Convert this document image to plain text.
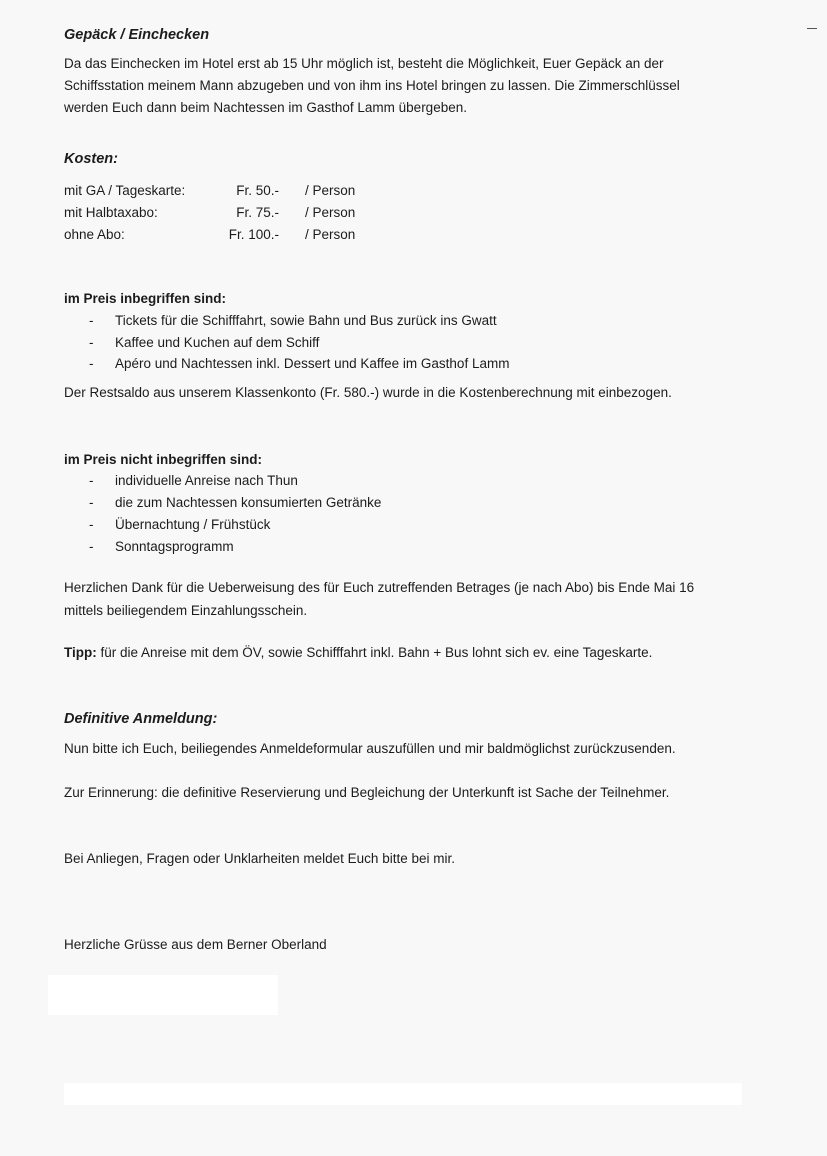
Gepäck / Einchecken
Da das Einchecken im Hotel erst ab 15 Uhr möglich ist, besteht die Möglichkeit, Euer Gepäck an der
Schiffsstation meinem Mann abzugeben und von ihm ins Hotel bringen zu lassen. Die Zimmerschlüssel
werden Euch dann beim Nachtessen im Gasthof Lamm übergeben.
Kosten:
mit GA / Tageskarte:	Fr. 50.- / Person
mit Halbtaxabo:	Fr. 75.- / Person
ohne Abo:	Fr. 100.- / Person
im Preis inbegriffen sind:
- Tickets für die Schifffahrt, sowie Bahn und Bus zurück ins Gwatt
- Kaffee und Kuchen auf dem Schiff
- Apéro und Nachtessen inkl. Dessert und Kaffee im Gasthof Lamm
Der Restsaldo aus unserem Klassenkonto (Fr. 580.-) wurde in die Kostenberechnung mit einbezogen.
im Preis nicht inbegriffen sind:
- individuelle Anreise nach Thun
- die zum Nachtessen konsumierten Getränke
- Übernachtung / Frühstück
- Sonntagsprogramm
Herzlichen Dank für die Ueberweisung des für Euch zutreffenden Betrages (je nach Abo) bis Ende Mai 16
mittels beiliegendem Einzahlungsschein.
Tipp: für die Anreise mit dem ÖV, sowie Schifffahrt inkl. Bahn + Bus lohnt sich ev. eine Tageskarte.
Definitive Anmeldung:
Nun bitte ich Euch, beiliegendes Anmeldeformular auszufüllen und mir baldmöglichst zurückzusenden.
Zur Erinnerung: die definitive Reservierung und Begleichung der Unterkunft ist Sache der Teilnehmer.
Bei Anliegen, Fragen oder Unklarheiten meldet Euch bitte bei mir.
Herzliche Grüsse aus dem Berner Oberland
